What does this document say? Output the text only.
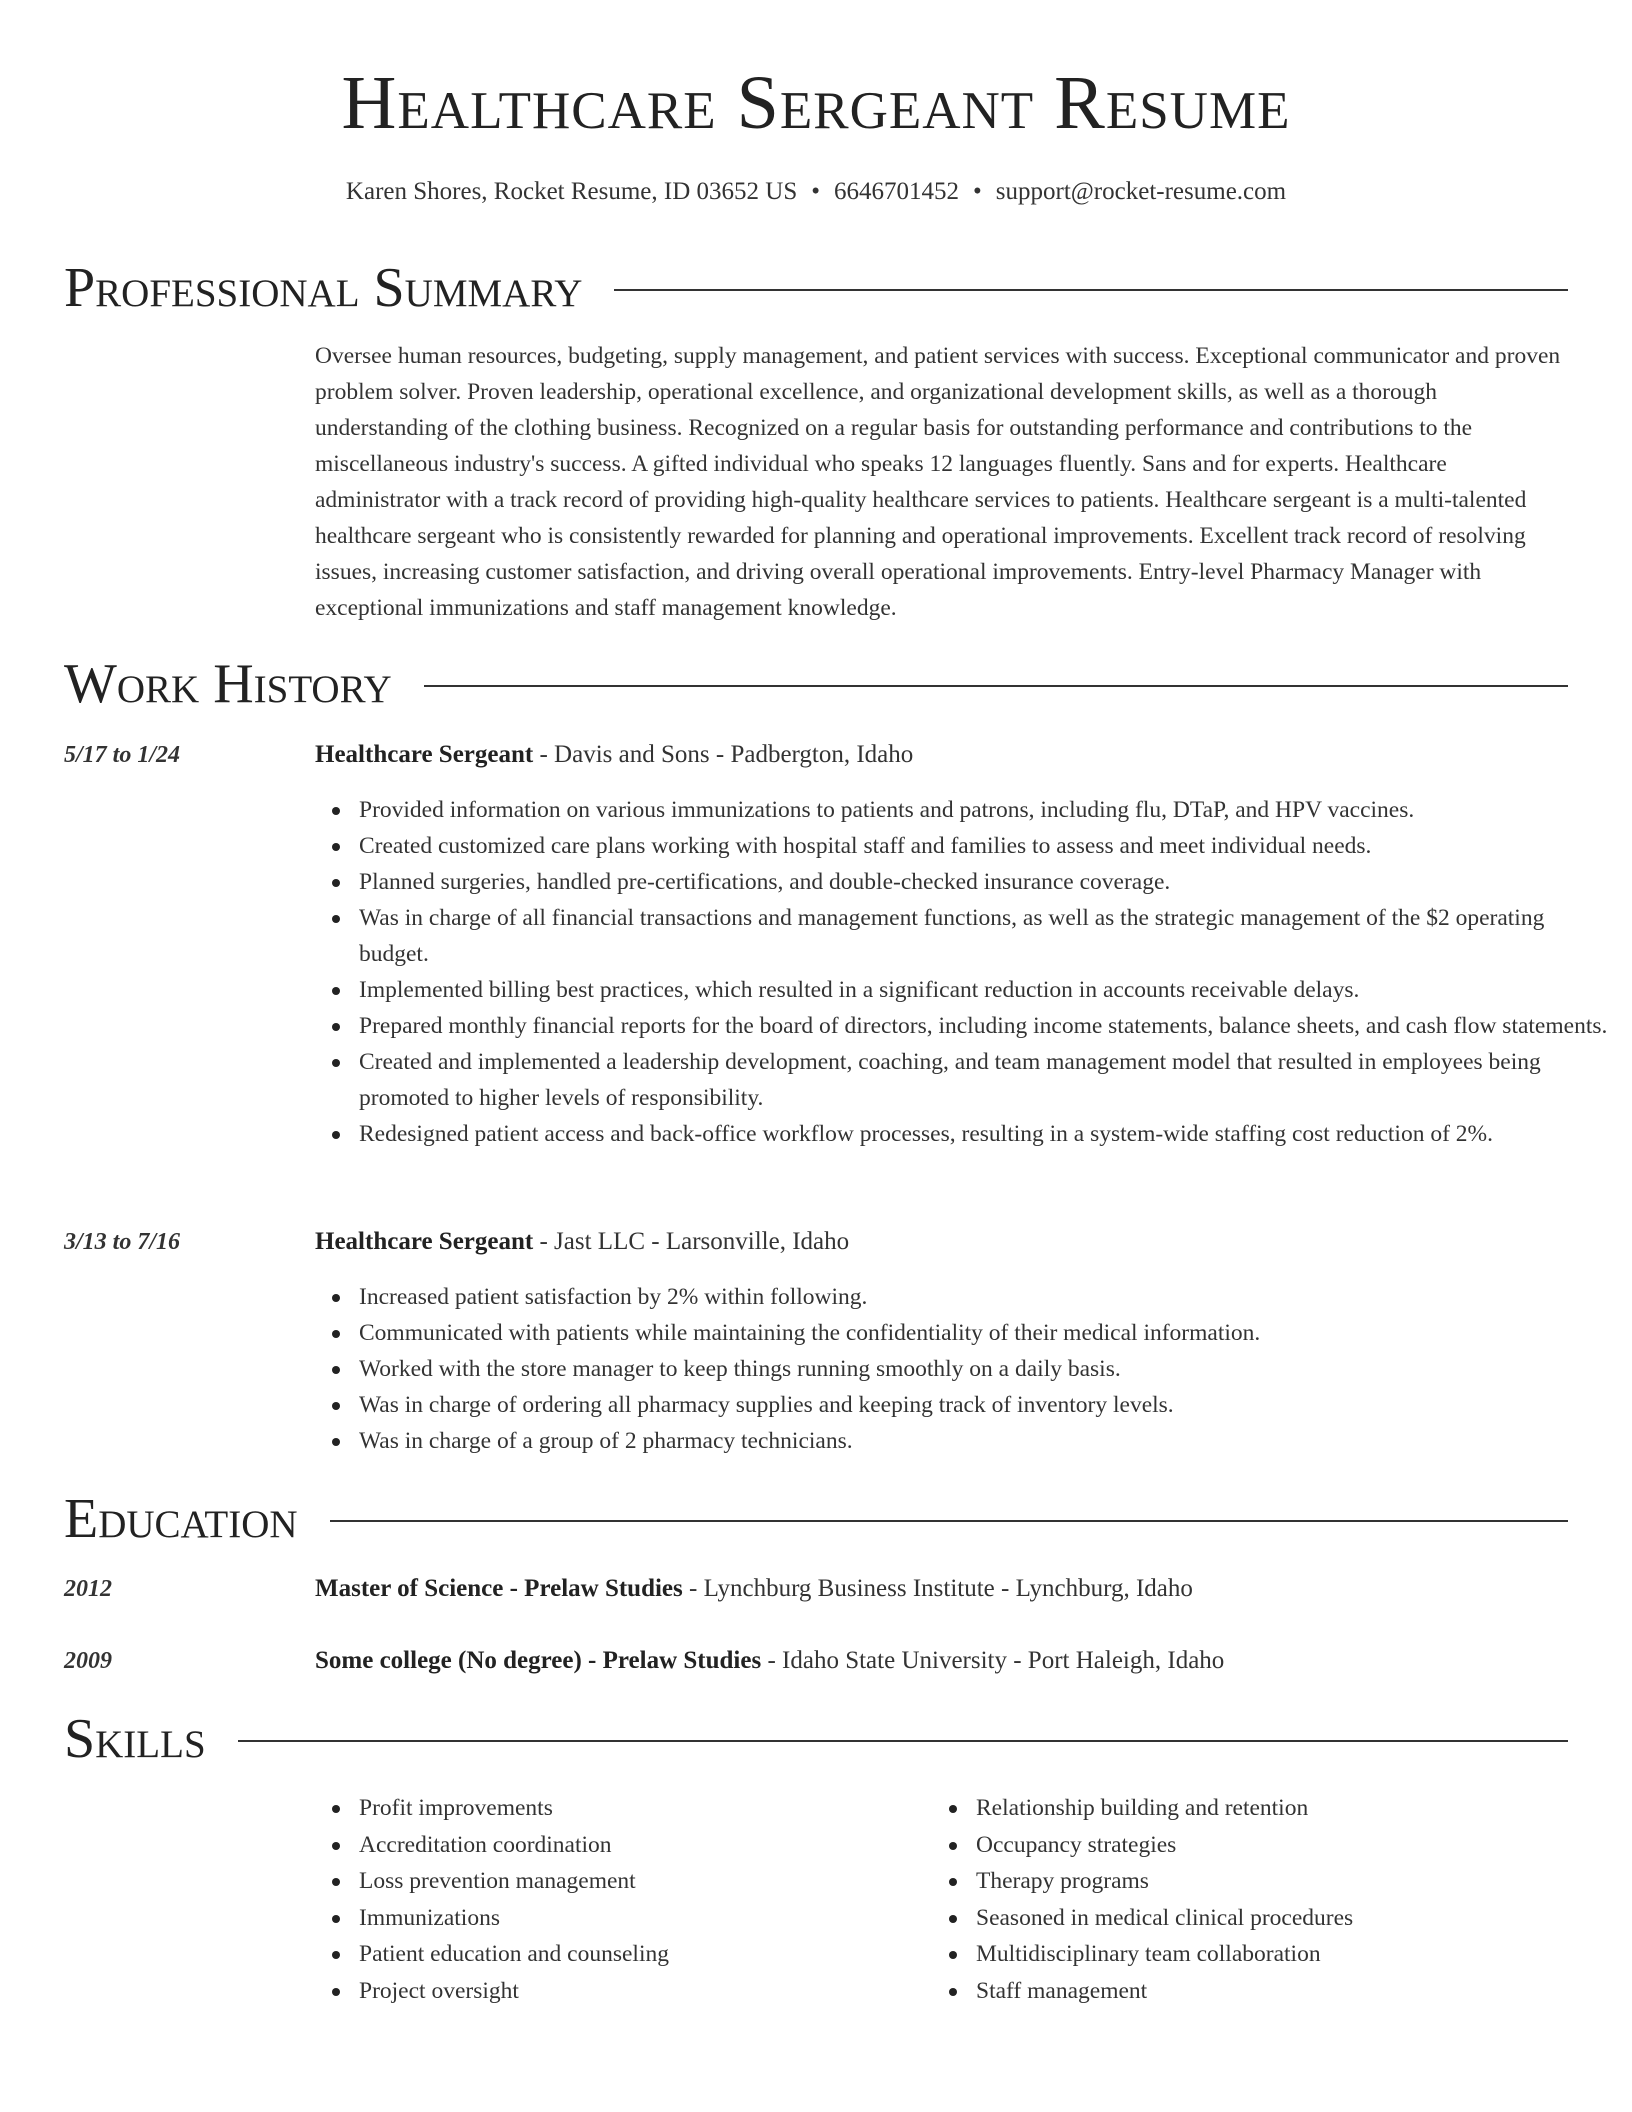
Healthcare Sergeant Resume
Karen Shores, Rocket Resume, ID 03652 US • 6646701452 • support@rocket-resume.com
Professional Summary
Oversee human resources, budgeting, supply management, and patient services with success. Exceptional communicator and proven problem solver. Proven leadership, operational excellence, and organizational development skills, as well as a thorough understanding of the clothing business. Recognized on a regular basis for outstanding performance and contributions to the miscellaneous industry's success. A gifted individual who speaks 12 languages fluently. Sans and for experts. Healthcare administrator with a track record of providing high-quality healthcare services to patients. Healthcare sergeant is a multi-talented healthcare sergeant who is consistently rewarded for planning and operational improvements. Excellent track record of resolving issues, increasing customer satisfaction, and driving overall operational improvements. Entry-level Pharmacy Manager with exceptional immunizations and staff management knowledge.
Work History
5/17 to 1/24	Healthcare Sergeant - Davis and Sons - Padbergton, Idaho
Provided information on various immunizations to patients and patrons, including flu, DTaP, and HPV vaccines.
Created customized care plans working with hospital staff and families to assess and meet individual needs.
Planned surgeries, handled pre-certifications, and double-checked insurance coverage.
Was in charge of all financial transactions and management functions, as well as the strategic management of the $2 operating budget.
Implemented billing best practices, which resulted in a significant reduction in accounts receivable delays.
Prepared monthly financial reports for the board of directors, including income statements, balance sheets, and cash flow statements.
Created and implemented a leadership development, coaching, and team management model that resulted in employees being promoted to higher levels of responsibility.
Redesigned patient access and back-office workflow processes, resulting in a system-wide staffing cost reduction of 2%.
3/13 to 7/16	Healthcare Sergeant - Jast LLC - Larsonville, Idaho
Increased patient satisfaction by 2% within following.
Communicated with patients while maintaining the confidentiality of their medical information.
Worked with the store manager to keep things running smoothly on a daily basis.
Was in charge of ordering all pharmacy supplies and keeping track of inventory levels.
Was in charge of a group of 2 pharmacy technicians.
Education
2012	Master of Science - Prelaw Studies - Lynchburg Business Institute - Lynchburg, Idaho
2009	Some college (No degree) - Prelaw Studies - Idaho State University - Port Haleigh, Idaho
Skills
Profit improvements
Accreditation coordination
Loss prevention management
Immunizations
Patient education and counseling
Project oversight
Relationship building and retention
Occupancy strategies
Therapy programs
Seasoned in medical clinical procedures
Multidisciplinary team collaboration
Staff management
